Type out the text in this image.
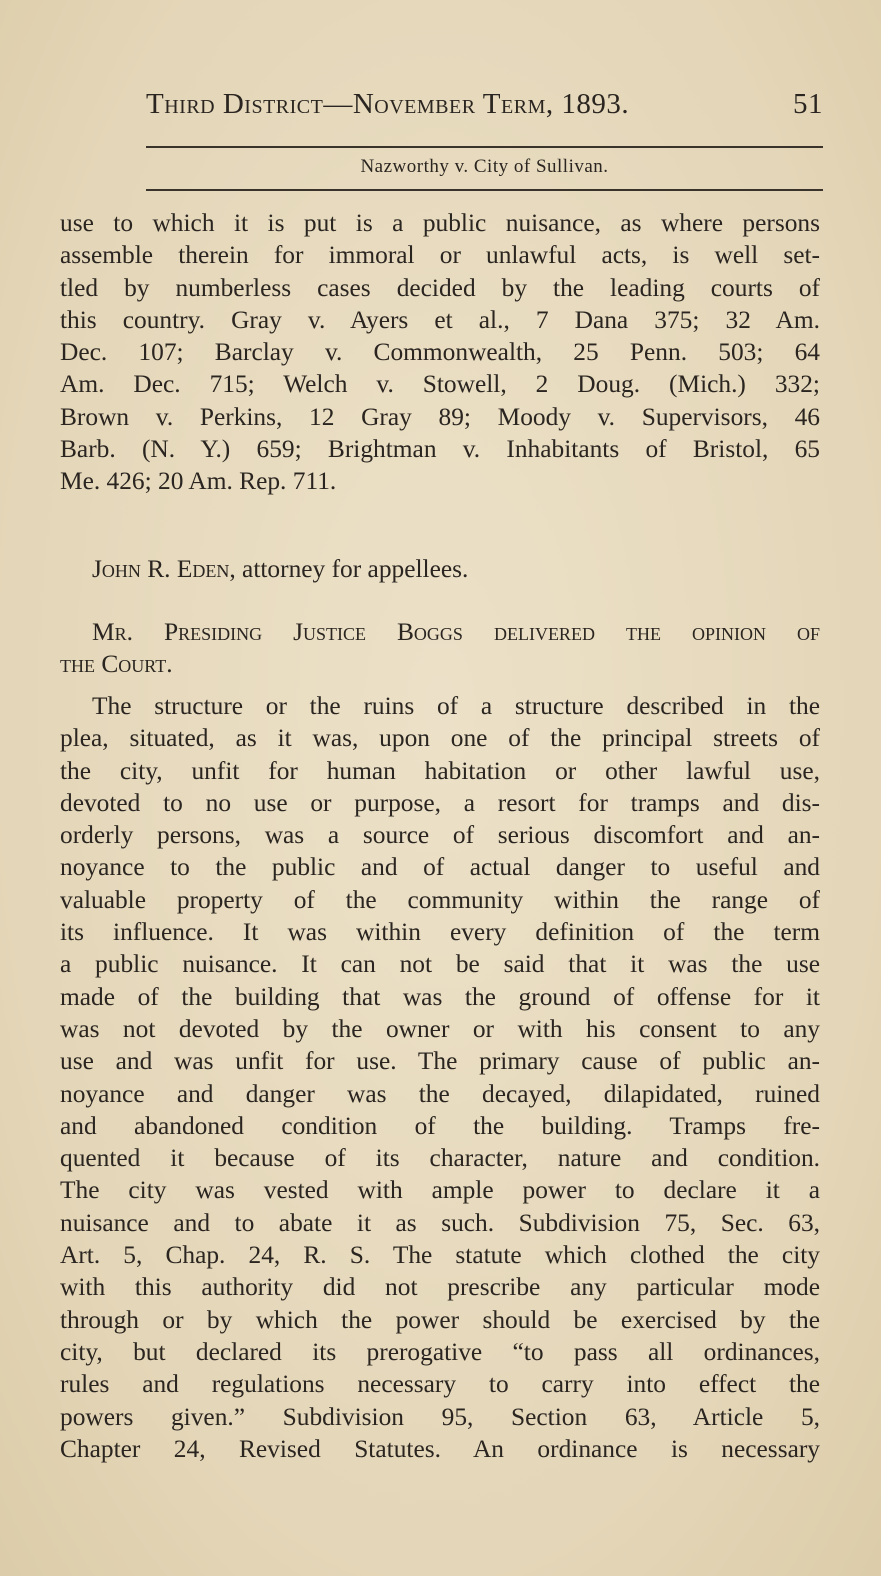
Third District—November Term, 1893.	51
Nazworthy v. City of Sullivan.
use to which it is put is a public nuisance, as where persons
assemble therein for immoral or unlawful acts, is well set-
tled by numberless cases decided by the leading courts of
this country. Gray v. Ayers et al., 7 Dana 375; 32 Am.
Dec. 107; Barclay v. Commonwealth, 25 Penn. 503; 64
Am. Dec. 715; Welch v. Stowell, 2 Doug. (Mich.) 332;
Brown v. Perkins, 12 Gray 89; Moody v. Supervisors, 46
Barb. (N. Y.) 659; Brightman v. Inhabitants of Bristol, 65
Me. 426; 20 Am. Rep. 711.
John R. Eden, attorney for appellees.
Mr. Presiding Justice Boggs delivered the opinion of
the Court.
The structure or the ruins of a structure described in the
plea, situated, as it was, upon one of the principal streets of
the city, unfit for human habitation or other lawful use,
devoted to no use or purpose, a resort for tramps and dis-
orderly persons, was a source of serious discomfort and an-
noyance to the public and of actual danger to useful and
valuable property of the community within the range of
its influence. It was within every definition of the term
a public nuisance. It can not be said that it was the use
made of the building that was the ground of offense for it
was not devoted by the owner or with his consent to any
use and was unfit for use. The primary cause of public an-
noyance and danger was the decayed, dilapidated, ruined
and abandoned condition of the building. Tramps fre-
quented it because of its character, nature and condition.
The city was vested with ample power to declare it a
nuisance and to abate it as such. Subdivision 75, Sec. 63,
Art. 5, Chap. 24, R. S. The statute which clothed the city
with this authority did not prescribe any particular mode
through or by which the power should be exercised by the
city, but declared its prerogative “to pass all ordinances,
rules and regulations necessary to carry into effect the
powers given.” Subdivision 95, Section 63, Article 5,
Chapter 24, Revised Statutes. An ordinance is necessary
